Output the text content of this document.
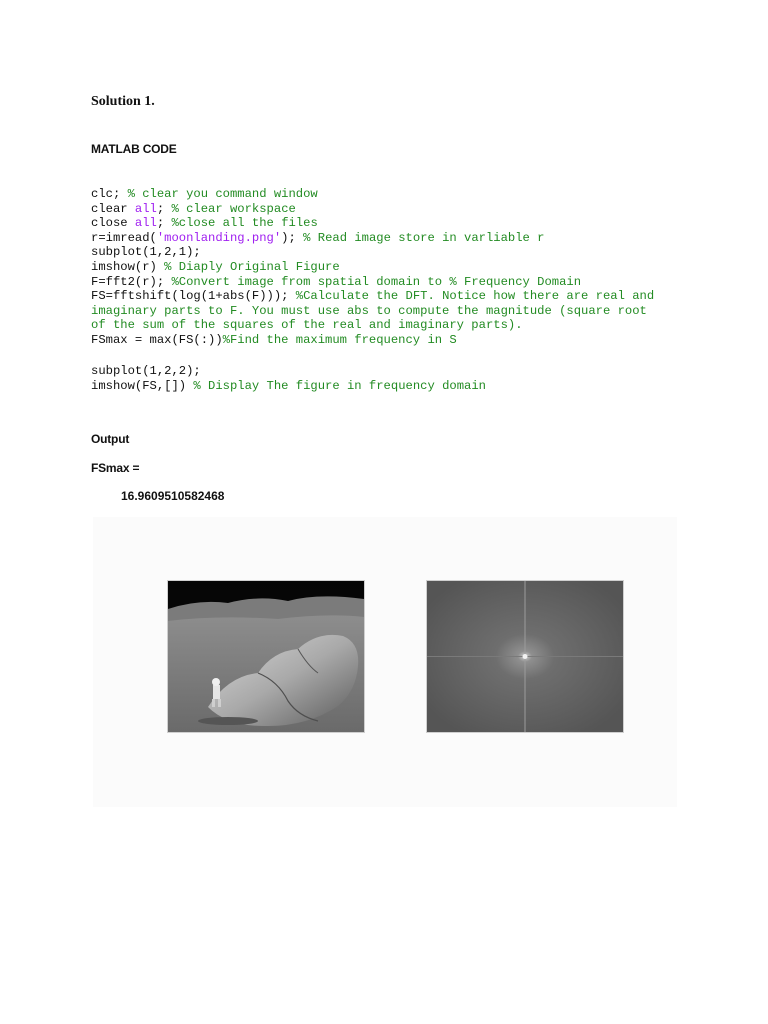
Solution 1.
MATLAB CODE
clc; % clear you command window
clear all; % clear workspace
close all; %close all the files
r=imread('moonlanding.png'); % Read image store in varliable r
subplot(1,2,1);
imshow(r) % Diaply Original Figure
F=fft2(r); %Convert image from spatial domain to % Frequency Domain
FS=fftshift(log(1+abs(F))); %Calculate the DFT. Notice how there are real and
imaginary parts to F. You must use abs to compute the magnitude (square root
of the sum of the squares of the real and imaginary parts).
FSmax = max(FS(:))%Find the maximum frequency in S

subplot(1,2,2);
imshow(FS,[]) % Display The figure in frequency domain

Output
FSmax =
16.9609510582468
